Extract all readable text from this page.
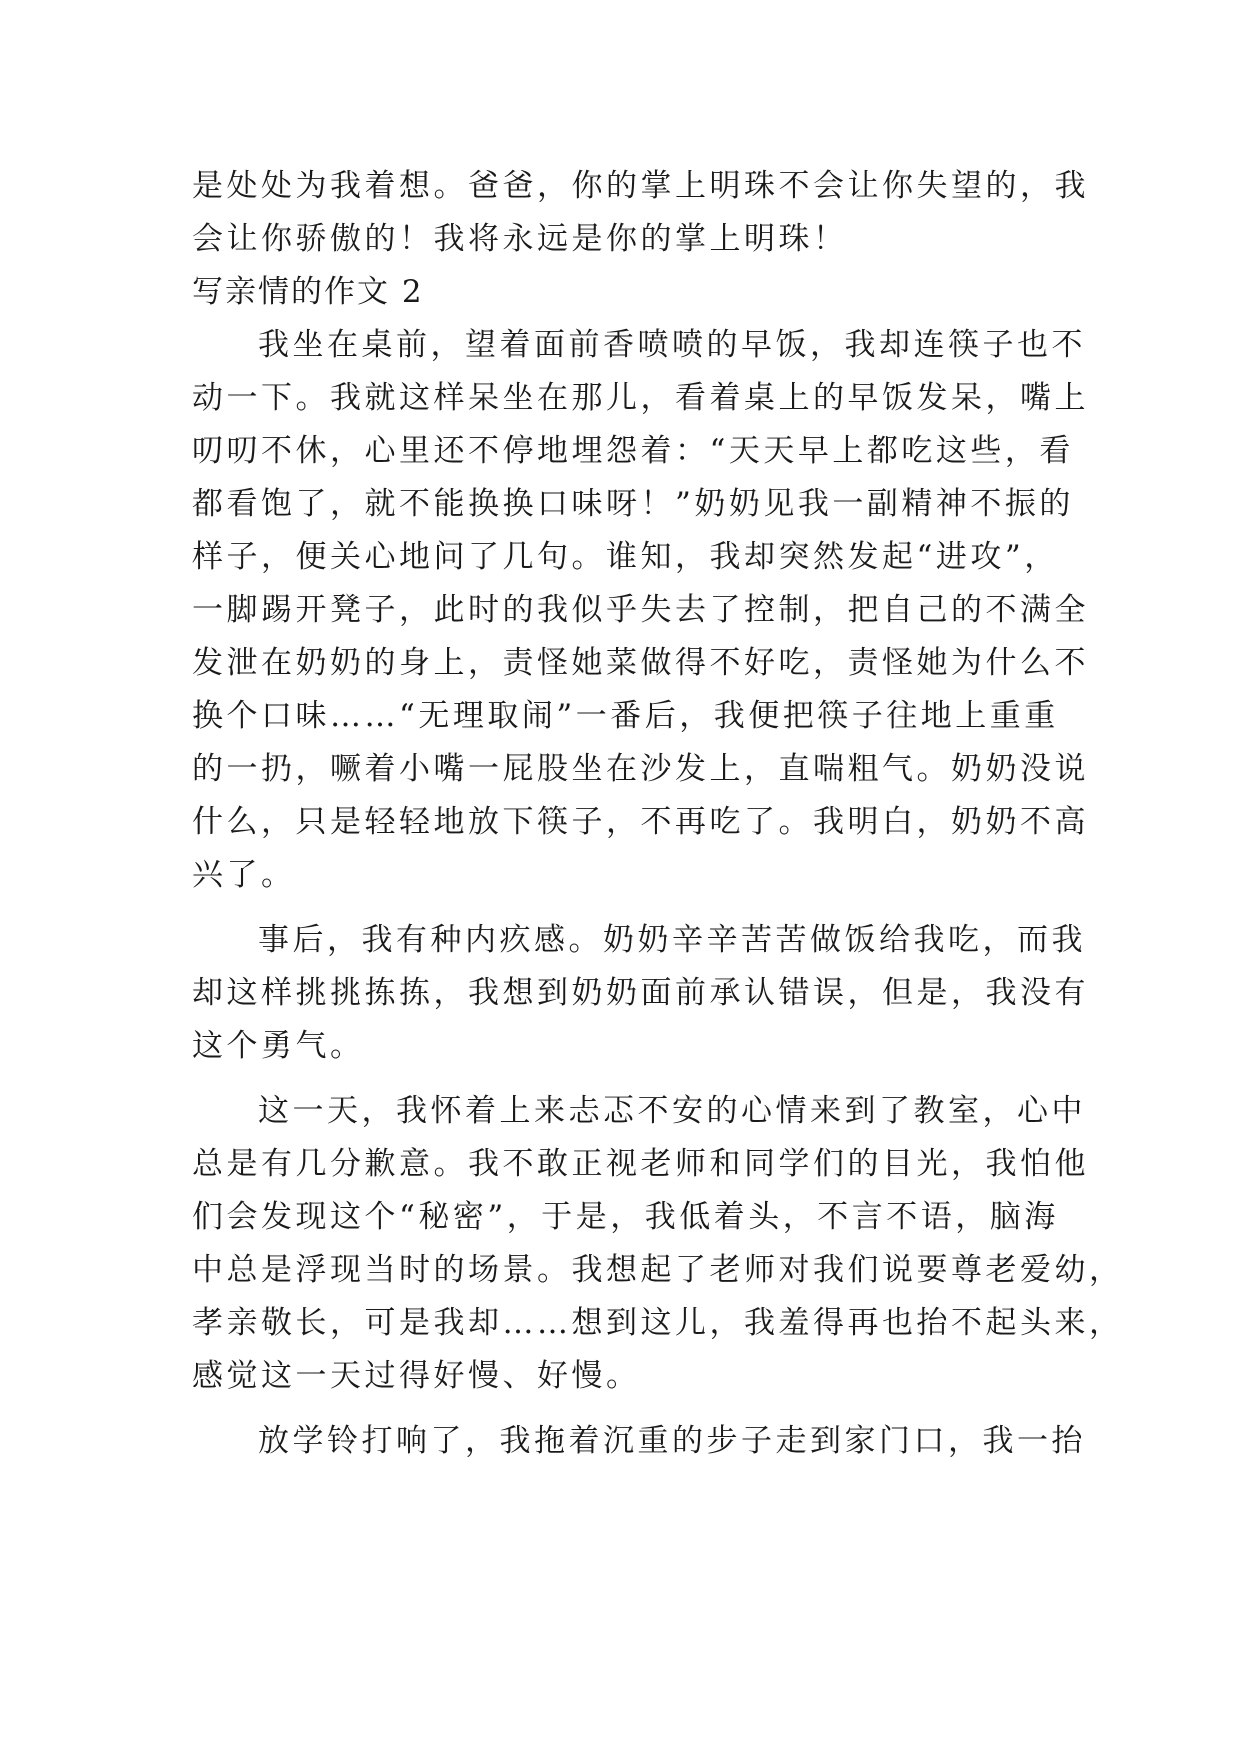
是处处为我着想。爸爸，你的掌上明珠不会让你失望的，我
会让你骄傲的！我将永远是你的掌上明珠！
写亲情的作文 2
我坐在桌前，望着面前香喷喷的早饭，我却连筷子也不
动一下。我就这样呆坐在那儿，看着桌上的早饭发呆，嘴上
叨叨不休，心里还不停地埋怨着：“天天早上都吃这些，看
都看饱了，就不能换换口味呀！”奶奶见我一副精神不振的
样子，便关心地问了几句。谁知，我却突然发起“进攻”，
一脚踢开凳子，此时的我似乎失去了控制，把自己的不满全
发泄在奶奶的身上，责怪她菜做得不好吃，责怪她为什么不
换个口味……“无理取闹”一番后，我便把筷子往地上重重
的一扔，噘着小嘴一屁股坐在沙发上，直喘粗气。奶奶没说
什么，只是轻轻地放下筷子，不再吃了。我明白，奶奶不高
兴了。
事后，我有种内疚感。奶奶辛辛苦苦做饭给我吃，而我
却这样挑挑拣拣，我想到奶奶面前承认错误，但是，我没有
这个勇气。
这一天，我怀着上来忐忑不安的心情来到了教室，心中
总是有几分歉意。我不敢正视老师和同学们的目光，我怕他
们会发现这个“秘密”，于是，我低着头，不言不语，脑海
中总是浮现当时的场景。我想起了老师对我们说要尊老爱幼，
孝亲敬长，可是我却……想到这儿，我羞得再也抬不起头来，
感觉这一天过得好慢、好慢。
放学铃打响了，我拖着沉重的步子走到家门口，我一抬
